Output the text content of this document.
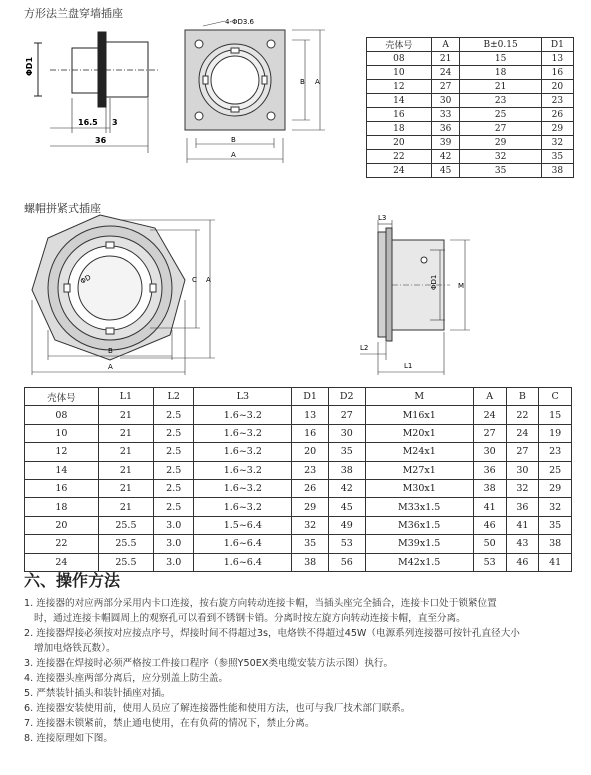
方形法兰盘穿墙插座
ΦD1
16.5 3
36
4-ΦD3.6
B
A
B A
壳体号	A	B±0.15	D1
08	21	15	13
10	24	18	16
12	27	21	20
14	30	23	23
16	33	25	26
18	36	27	29
20	39	29	32
22	42	32	35
24	45	35	38
螺帽拼紧式插座
ΦD	C A
B
A
L3
ΦD1	M
L2
L1
壳体号	L1	L2	L3	D1	D2	M	A	B	C
08	21	2.5	1.6~3.2	13	27	M16x1	24	22	15
10	21	2.5	1.6~3.2	16	30	M20x1	27	24	19
12	21	2.5	1.6~3.2	20	35	M24x1	30	27	23
14	21	2.5	1.6~3.2	23	38	M27x1	36	30	25
16	21	2.5	1.6~3.2	26	42	M30x1	38	32	29
18	21	2.5	1.6~3.2	29	45	M33x1.5	41	36	32
20	25.5	3.0	1.5~6.4	32	49	M36x1.5	46	41	35
22	25.5	3.0	1.6~6.4	35	53	M39x1.5	50	43	38
24	25.5	3.0	1.6~6.4	38	56	M42x1.5	53	46	41
六、操作方法
1. 连接器的对应两部分采用内卡口连接，按右旋方向转动连接卡帽，当插头座完全插合，连接卡口处于锁紧位置
时，通过连接卡帽圆周上的观察孔可以看到不锈钢卡销。分离时按左旋方向转动连接卡帽，直至分离。
2. 连接器焊接必须按对应接点序号，焊接时间不得超过3s，电烙铁不得超过45W（电源系列连接器可按针孔直径大小
增加电烙铁瓦数）。
3. 连接器在焊接时必须严格按工件接口程序（参照Y50EX类电缆安装方法示图）执行。
4. 连接器头座两部分离后，应分别盖上防尘盖。
5. 严禁装针插头和装针插座对插。
6. 连接器安装使用前，使用人员应了解连接器性能和使用方法，也可与我厂技术部门联系。
7. 连接器未锁紧前，禁止通电使用，在有负荷的情况下，禁止分离。
8. 连接原理如下图。
